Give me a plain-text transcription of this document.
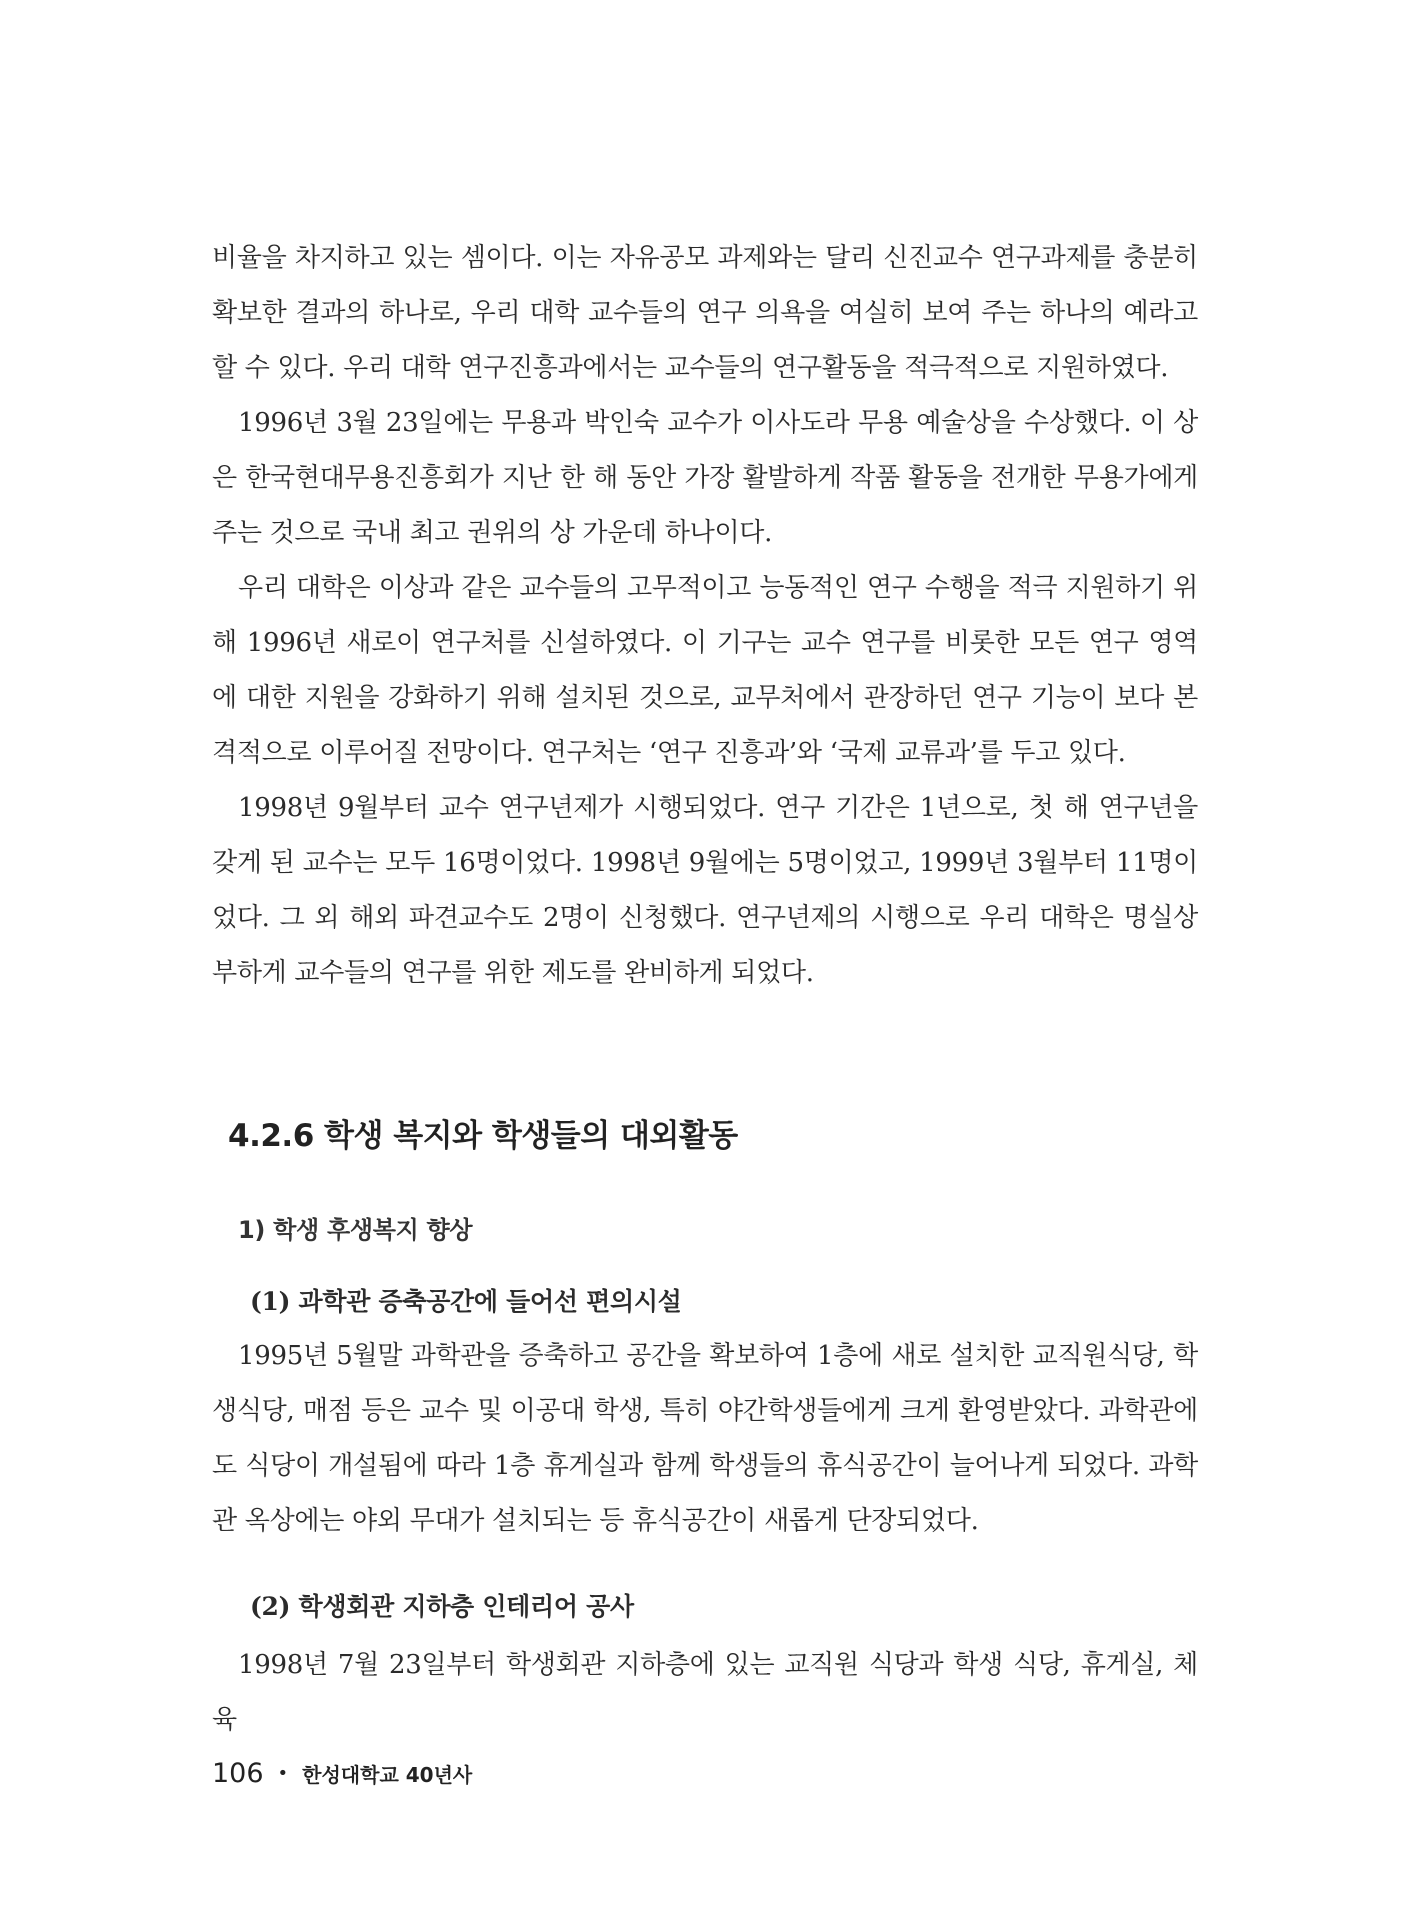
비율을 차지하고 있는 셈이다. 이는 자유공모 과제와는 달리 신진교수 연구과제를 충분히 확보한 결과의 하나로, 우리 대학 교수들의 연구 의욕을 여실히 보여 주는 하나의 예라고 할 수 있다. 우리 대학 연구진흥과에서는 교수들의 연구활동을 적극적으로 지원하였다.

1996년 3월 23일에는 무용과 박인숙 교수가 이사도라 무용 예술상을 수상했다. 이 상은 한국현대무용진흥회가 지난 한 해 동안 가장 활발하게 작품 활동을 전개한 무용가에게 주는 것으로 국내 최고 권위의 상 가운데 하나이다.

우리 대학은 이상과 같은 교수들의 고무적이고 능동적인 연구 수행을 적극 지원하기 위해 1996년 새로이 연구처를 신설하였다. 이 기구는 교수 연구를 비롯한 모든 연구 영역에 대한 지원을 강화하기 위해 설치된 것으로, 교무처에서 관장하던 연구 기능이 보다 본격적으로 이루어질 전망이다. 연구처는 ‘연구 진흥과’와 ‘국제 교류과’를 두고 있다.

1998년 9월부터 교수 연구년제가 시행되었다. 연구 기간은 1년으로, 첫 해 연구년을 갖게 된 교수는 모두 16명이었다. 1998년 9월에는 5명이었고, 1999년 3월부터 11명이었다. 그 외 해외 파견교수도 2명이 신청했다. 연구년제의 시행으로 우리 대학은 명실상부하게 교수들의 연구를 위한 제도를 완비하게 되었다.

4.2.6 학생 복지와 학생들의 대외활동
1) 학생 후생복지 향상
(1) 과학관 증축공간에 들어선 편의시설

1995년 5월말 과학관을 증축하고 공간을 확보하여 1층에 새로 설치한 교직원식당, 학생식당, 매점 등은 교수 및 이공대 학생, 특히 야간학생들에게 크게 환영받았다. 과학관에도 식당이 개설됨에 따라 1층 휴게실과 함께 학생들의 휴식공간이 늘어나게 되었다. 과학관 옥상에는 야외 무대가 설치되는 등 휴식공간이 새롭게 단장되었다.

(2) 학생회관 지하층 인테리어 공사

1998년 7월 23일부터 학생회관 지하층에 있는 교직원 식당과 학생 식당, 휴게실, 체육

106 • 한성대학교 40년사
